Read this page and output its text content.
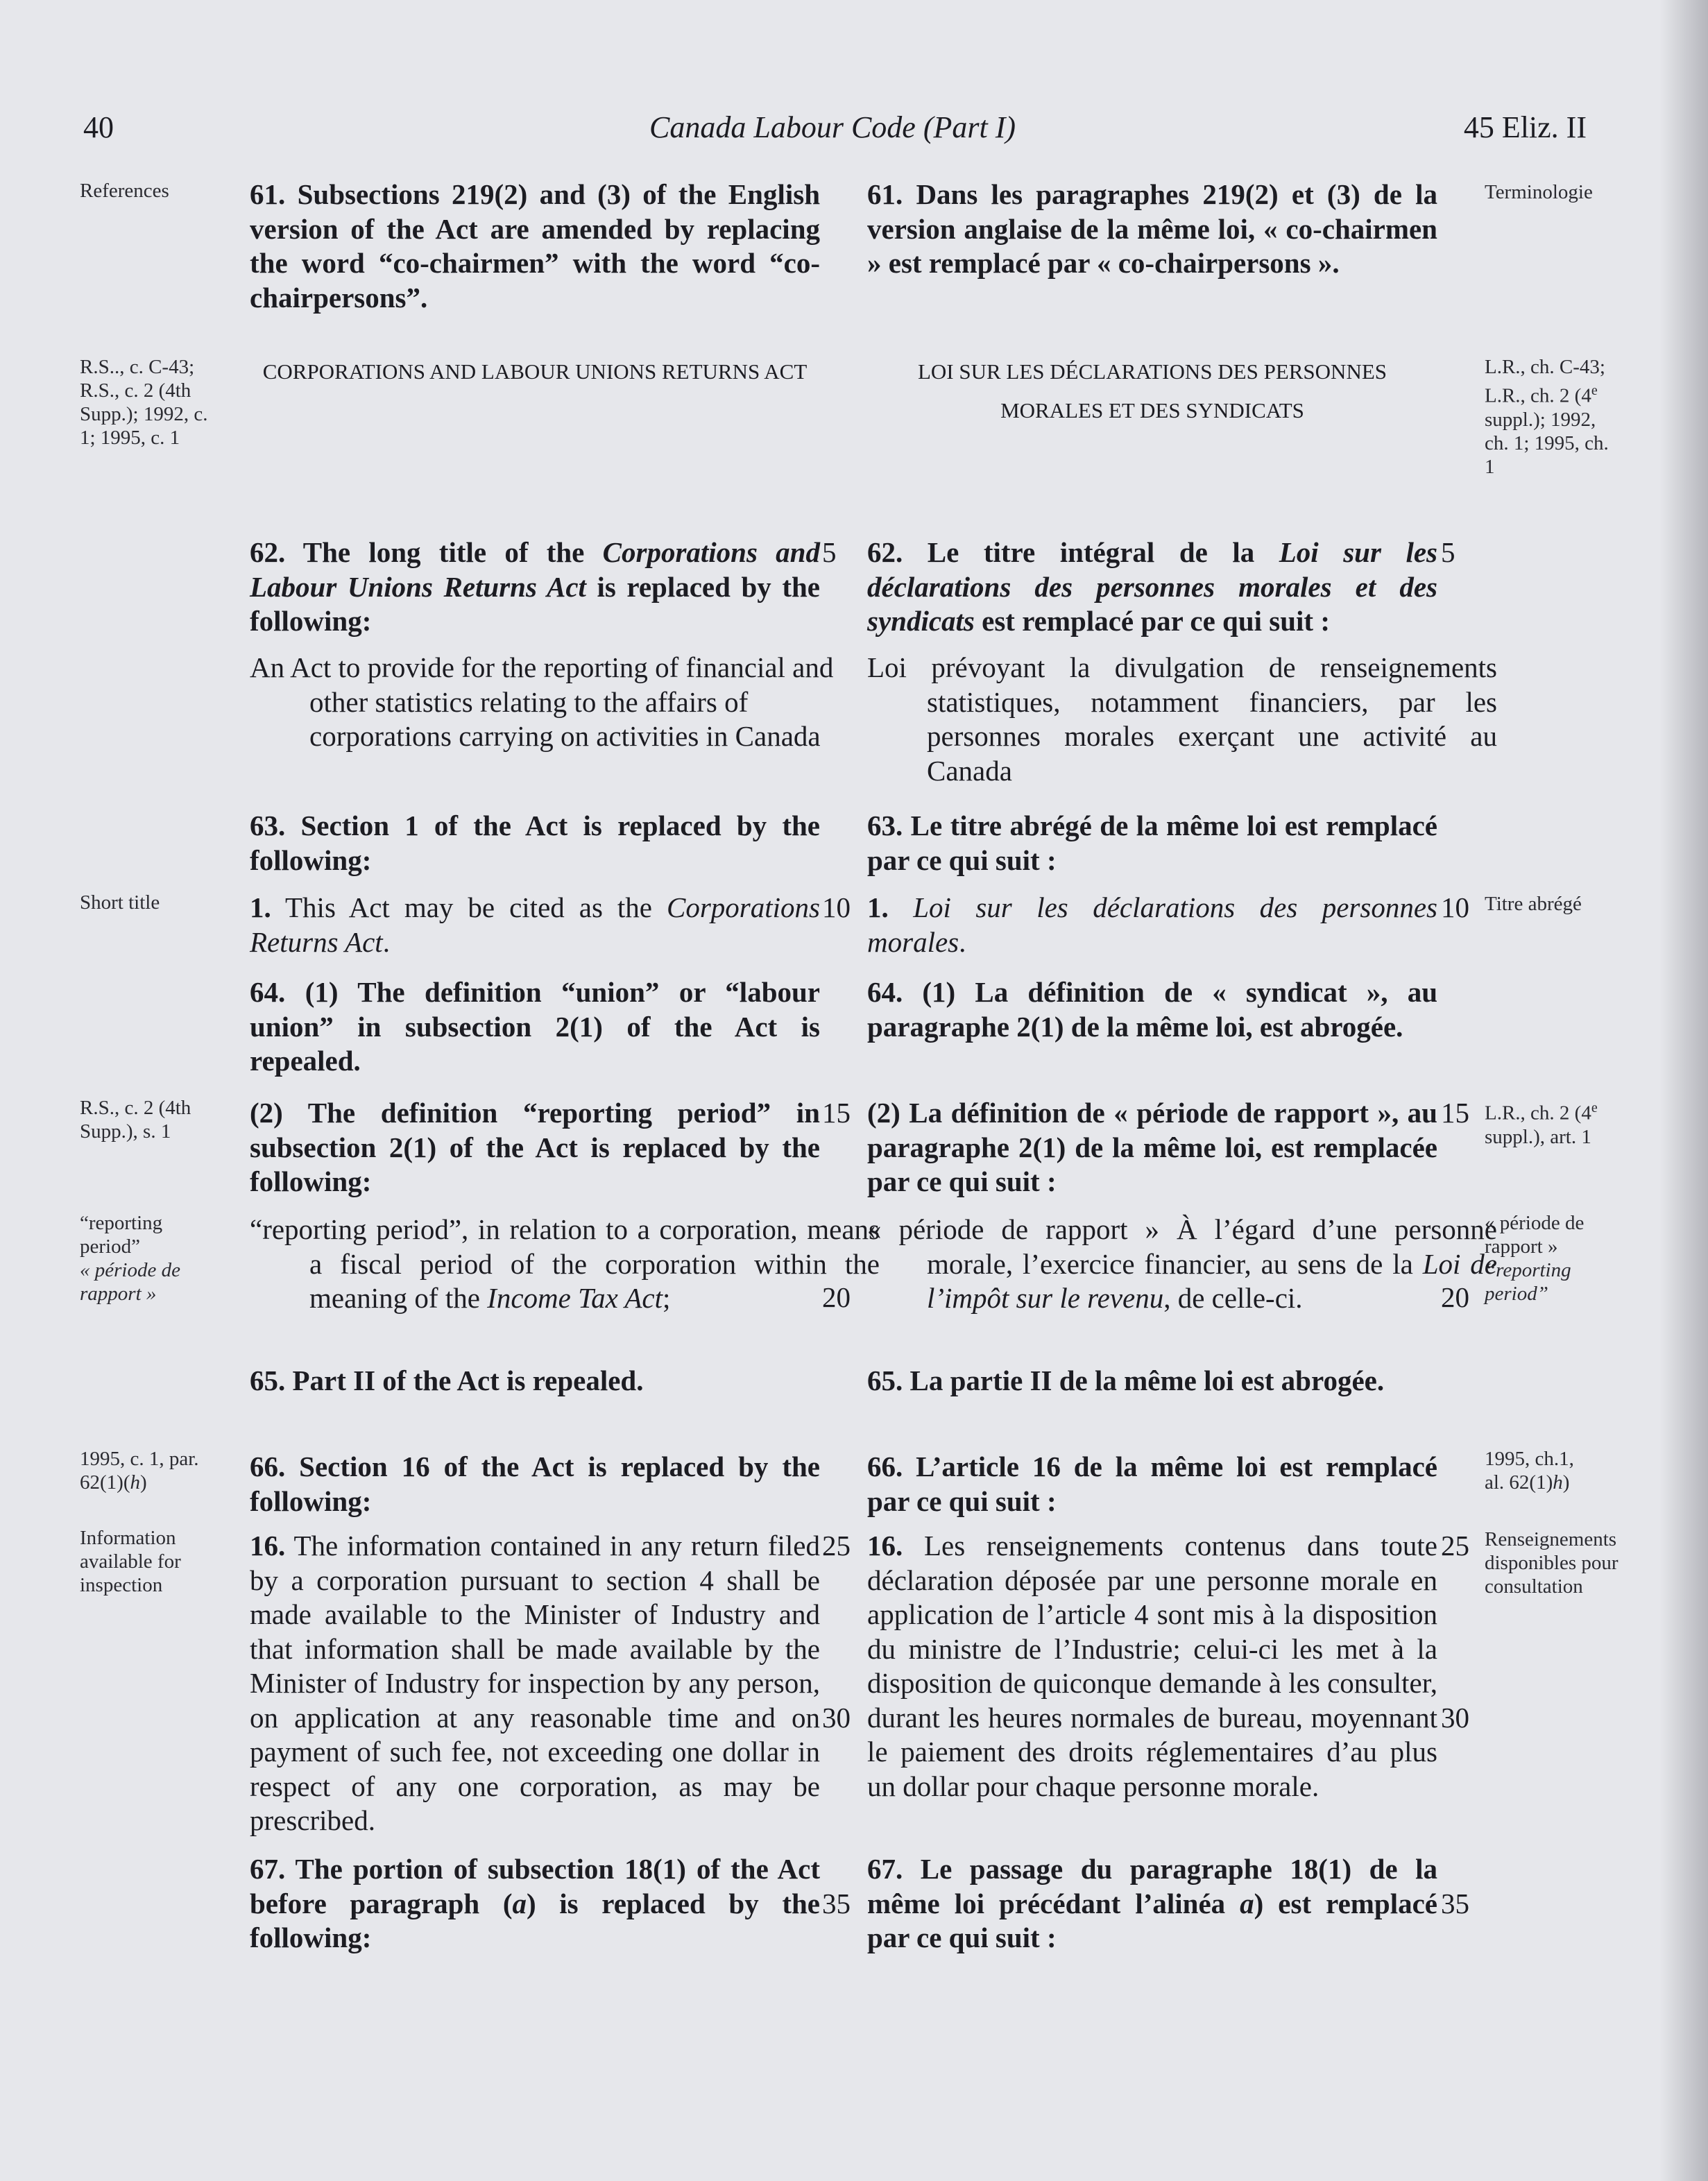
40	Canada Labour Code (Part I)	45 Eliz. II
References
R.S.., c. C-43; R.S., c. 2 (4th Supp.); 1992, c. 1; 1995, c. 1
Short title
R.S., c. 2 (4th Supp.), s. 1
“reporting period”
« période de rapport »
1995, c. 1, par. 62(1)(h)
Information available for inspection
Terminologie
L.R., ch. C-43; L.R., ch. 2 (4e suppl.); 1992, ch. 1; 1995, ch. 1
Titre abrégé
L.R., ch. 2 (4e suppl.), art. 1
« période de rapport »
“reporting period”
1995, ch.1, al. 62(1)h)
Renseignements disponibles pour consultation
61. Subsections 219(2) and (3) of the English version of the Act are amended by replacing the word “co-chairmen” with the word “co-chairpersons”.
CORPORATIONS AND LABOUR UNIONS RETURNS ACT
62. The long title of the Corporations and Labour Unions Returns Act is replaced by the following:
An Act to provide for the reporting of financial and other statistics relating to the affairs of corporations carrying on activities in Canada
63. Section 1 of the Act is replaced by the following:
1. This Act may be cited as the Corporations Returns Act.
64. (1) The definition “union” or “labour union” in subsection 2(1) of the Act is repealed.
(2) The definition “reporting period” in subsection 2(1) of the Act is replaced by the following:
“reporting period”, in relation to a corporation, means a fiscal period of the corporation within the meaning of the Income Tax Act;
65. Part II of the Act is repealed.
66. Section 16 of the Act is replaced by the following:
16. The information contained in any return filed by a corporation pursuant to section 4 shall be made available to the Minister of Industry and that information shall be made available by the Minister of Industry for inspection by any person, on application at any reasonable time and on payment of such fee, not exceeding one dollar in respect of any one corporation, as may be prescribed.
67. The portion of subsection 18(1) of the Act before paragraph (a) is replaced by the following:
61. Dans les paragraphes 219(2) et (3) de la version anglaise de la même loi, « co-chairmen » est remplacé par « co-chairpersons ».
LOI SUR LES DÉCLARATIONS DES PERSONNES MORALES ET DES SYNDICATS
62. Le titre intégral de la Loi sur les déclarations des personnes morales et des syndicats est remplacé par ce qui suit :
Loi prévoyant la divulgation de renseignements statistiques, notamment financiers, par les personnes morales exerçant une activité au Canada
63. Le titre abrégé de la même loi est remplacé par ce qui suit :
1. Loi sur les déclarations des personnes morales.
64. (1) La définition de « syndicat », au paragraphe 2(1) de la même loi, est abrogée.
(2) La définition de « période de rapport », au paragraphe 2(1) de la même loi, est remplacée par ce qui suit :
« période de rapport » À l’égard d’une personne morale, l’exercice financier, au sens de la Loi de l’impôt sur le revenu, de celle-ci.
65. La partie II de la même loi est abrogée.
66. L’article 16 de la même loi est remplacé par ce qui suit :
16. Les renseignements contenus dans toute déclaration déposée par une personne morale en application de l’article 4 sont mis à la disposition du ministre de l’Industrie; celui-ci les met à la disposition de quiconque demande à les consulter, durant les heures normales de bureau, moyennant le paiement des droits réglementaires d’au plus un dollar pour chaque personne morale.
67. Le passage du paragraphe 18(1) de la même loi précédant l’alinéa a) est remplacé par ce qui suit :
5
10
15
20
25
30
35
5
10
15
20
25
30
35
